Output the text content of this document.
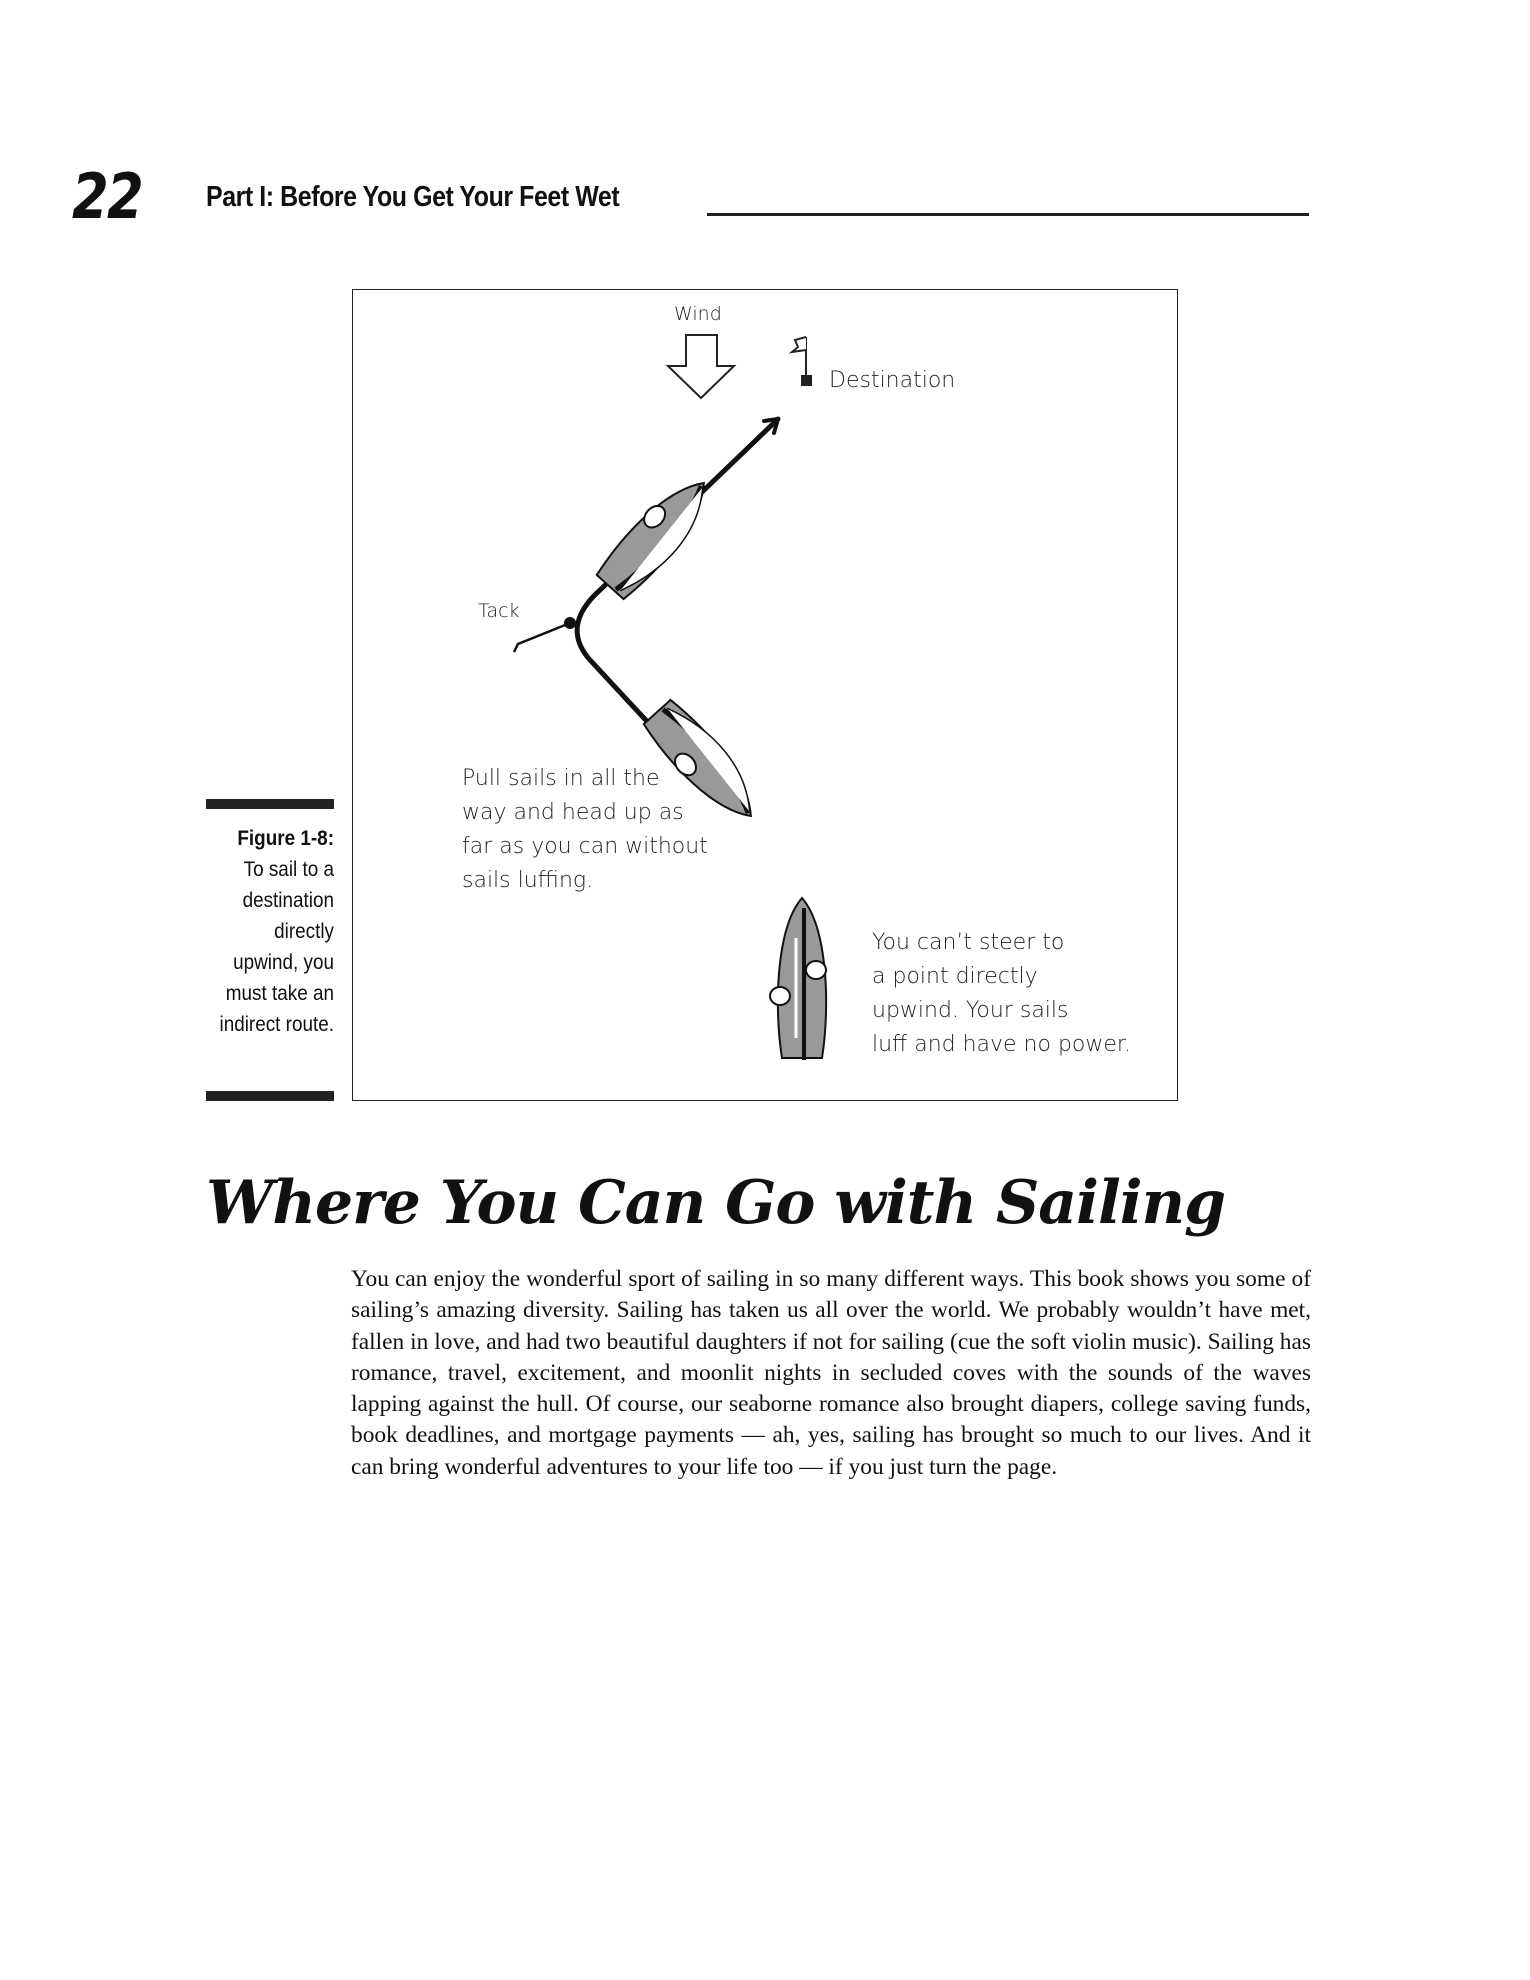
22 Part I: Before You Get Your Feet Wet
Figure 1-8:
To sail to a destination directly upwind, you must take an indirect route.
Wind
Destination
Tack
Pull sails in all the
way and head up as
far as you can without
sails luffing.
You can’t steer to
a point directly
upwind. Your sails
luff and have no power.
Where You Can Go with Sailing
You can enjoy the wonderful sport of sailing in so many different ways. This book shows you some of sailing’s amazing diversity. Sailing has taken us all over the world. We probably wouldn’t have met, fallen in love, and had two beautiful daughters if not for sailing (cue the soft violin music). Sailing has romance, travel, excitement, and moonlit nights in secluded coves with the sounds of the waves lapping against the hull. Of course, our seaborne romance also brought diapers, college saving funds, book deadlines, and mortgage payments — ah, yes, sailing has brought so much to our lives. And it can bring wonderful adventures to your life too — if you just turn the page.
